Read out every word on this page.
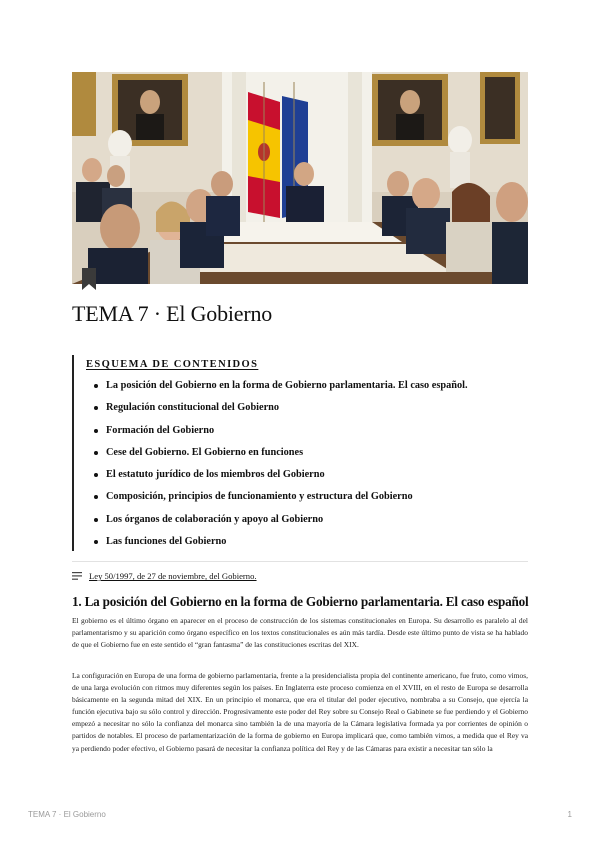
TEMA 7 · El Gobierno
ESQUEMA DE CONTENIDOS
La posición del Gobierno en la forma de Gobierno parlamentaria. El caso español.
Regulación constitucional del Gobierno
Formación del Gobierno
Cese del Gobierno. El Gobierno en funciones
El estatuto jurídico de los miembros del Gobierno
Composición, principios de funcionamiento y estructura del Gobierno
Los órganos de colaboración y apoyo al Gobierno
Las funciones del Gobierno
Ley 50/1997, de 27 de noviembre, del Gobierno.
1. La posición del Gobierno en la forma de Gobierno parlamentaria. El caso español

El gobierno es el último órgano en aparecer en el proceso de construcción de los sistemas constitucionales en Europa. Su desarrollo es paralelo al del parlamentarismo y su aparición como órgano específico en los textos constitucionales es aún más tardía. Desde este último punto de vista se ha hablado de que el Gobierno fue en este sentido el “gran fantasma” de las constituciones escritas del XIX.

La configuración en Europa de una forma de gobierno parlamentaria, frente a la presidencialista propia del continente americano, fue fruto, como vimos, de una larga evolución con ritmos muy diferentes según los países. En Inglaterra este proceso comienza en el XVIII, en el resto de Europa se desarrolla básicamente en la segunda mitad del XIX. En un principio el monarca, que era el titular del poder ejecutivo, nombraba a su Consejo, que ejercía la función ejecutiva bajo su sólo control y dirección. Progresivamente este poder del Rey sobre su Consejo Real o Gabinete se fue perdiendo y el Gobierno empezó a necesitar no sólo la confianza del monarca sino también la de una mayoría de la Cámara legislativa formada ya por corrientes de opinión o partidos de notables. El proceso de parlamentarización de la forma de gobierno en Europa implicará que, como también vimos, a medida que el Rey va ya perdiendo poder efectivo, el Gobierno pasará de necesitar la confianza política del Rey y de las Cámaras para existir a necesitar tan sólo la

TEMA 7 · El Gobierno	1
